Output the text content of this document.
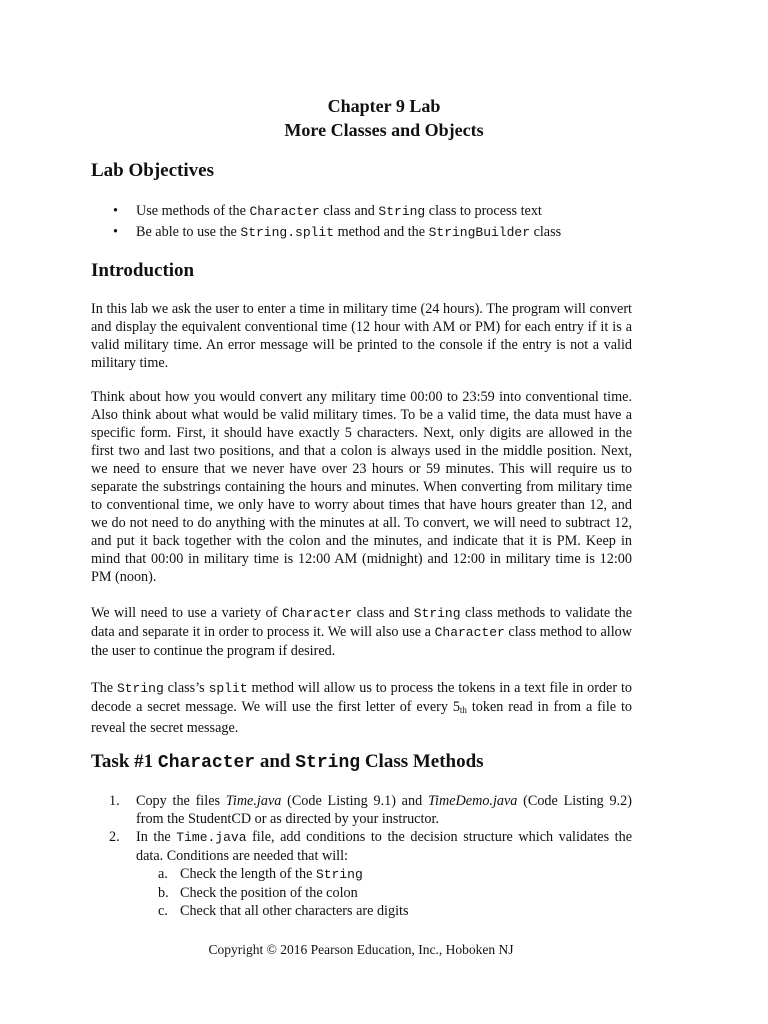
Chapter 9 Lab
More Classes and Objects
Lab Objectives
• Use methods of the Character class and String class to process text
• Be able to use the String.split method and the StringBuilder class
Introduction

In this lab we ask the user to enter a time in military time (24 hours). The program will convert and display the equivalent conventional time (12 hour with AM or PM) for each entry if it is a valid military time. An error message will be printed to the console if the entry is not a valid military time.

Think about how you would convert any military time 00:00 to 23:59 into conventional time. Also think about what would be valid military times. To be a valid time, the data must have a specific form. First, it should have exactly 5 characters. Next, only digits are allowed in the first two and last two positions, and that a colon is always used in the middle position. Next, we need to ensure that we never have over 23 hours or 59 minutes. This will require us to separate the substrings containing the hours and minutes. When converting from military time to conventional time, we only have to worry about times that have hours greater than 12, and we do not need to do anything with the minutes at all. To convert, we will need to subtract 12, and put it back together with the colon and the minutes, and indicate that it is PM. Keep in mind that 00:00 in military time is 12:00 AM (midnight) and 12:00 in military time is 12:00 PM (noon).

We will need to use a variety of Character class and String class methods to validate the data and separate it in order to process it. We will also use a Character class method to allow the user to continue the program if desired.

The String class’s split method will allow us to process the tokens in a text file in order to decode a secret message. We will use the first letter of every $5_{th}$ token read in from a file to reveal the secret message.

Task #1 Character and String Class Methods
1. Copy the files Time.java (Code Listing 9.1) and TimeDemo.java (Code Listing 9.2) from the StudentCD or as directed by your instructor.
2. In the Time.java file, add conditions to the decision structure which validates the data. Conditions are needed that will:
a. Check the length of the String
b. Check the position of the colon
c. Check that all other characters are digits
Copyright © 2016 Pearson Education, Inc., Hoboken NJ
